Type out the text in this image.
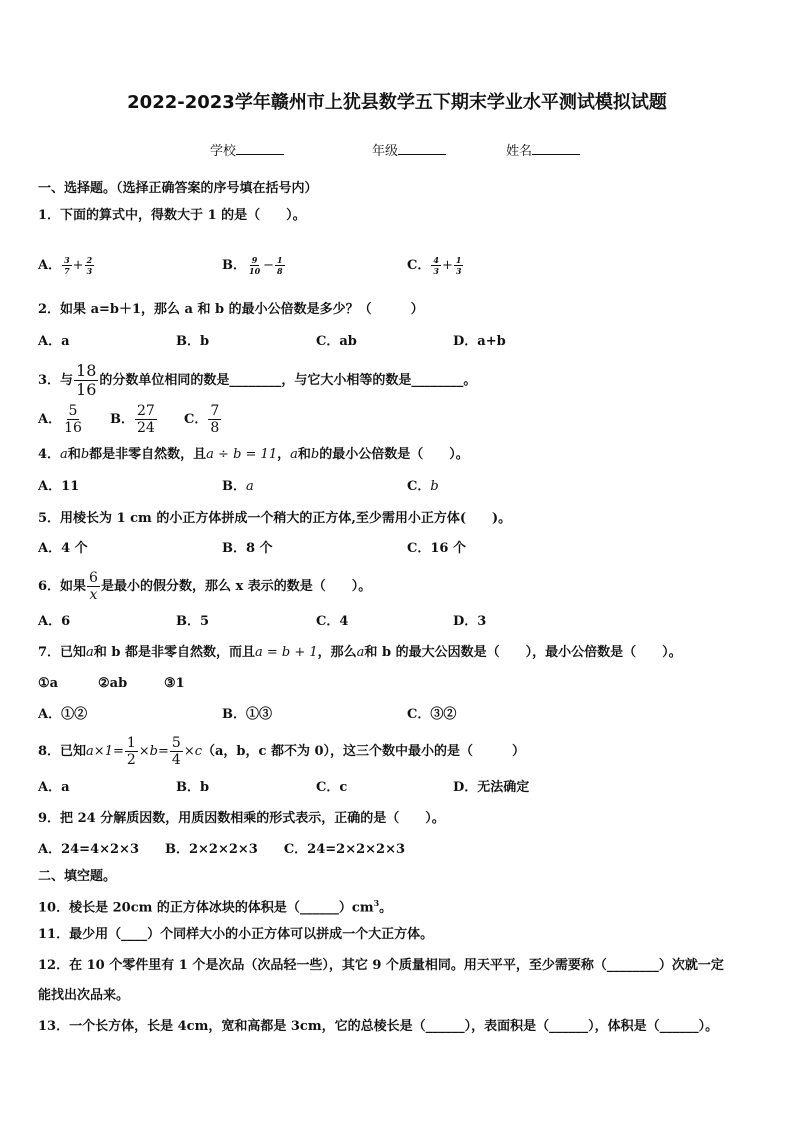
2022-2023学年赣州市上犹县数学五下期末学业水平测试模拟试题
学校	年级	姓名
一、选择题。（选择正确答案的序号填在括号内）
1．下面的算式中，得数大于 1 的是（　　）。
A． $\frac{3}{7} + \frac{2}{3}$	B． $\frac{9}{10} - \frac{1}{8}$	C． $\frac{4}{3} + \frac{1}{3}$
2．如果 a=b＋1，那么 a 和 b 的最小公倍数是多少？（　　　）
A．a	B．b	C．ab	D．a+b
3．与 $\frac{18}{16}$ 的分数单位相同的数是________，与它大小相等的数是________。
A． $\frac{5}{16}$ B． $\frac{27}{24}$ C． $\frac{7}{8}$
4．a和b都是非零自然数，且a ÷ b = 11，a和b的最小公倍数是（　　）。
A．11	B．a	C．b
5．用棱长为 1 cm 的小正方体拼成一个稍大的正方体,至少需用小正方体(　　)。
A．4 个	B．8 个	C．16 个
6．如果 $\frac{6}{x}$ 是最小的假分数，那么 x 表示的数是（　　）。
A．6	B．5	C．4	D．3
7．已知a和 b 都是非零自然数，而且a = b + 1，那么a和 b 的最大公因数是（　　），最小公倍数是（　　）。
①a	②ab	③1
A．①②	B．①③	C．③②
8．已知$a\times 1= \frac{1}{2} \times b= \frac{5}{4} \times c(a$，b，c 都不为 0），这三个数中最小的是（　　　）
A．a	B．b	C．c	D．无法确定
9．把 24 分解质因数，用质因数相乘的形式表示，正确的是（　　）。
A．24=4×2×3　　B．2×2×2×3　　C．24=2×2×2×3
二、填空题。
10．棱长是 20cm 的正方体冰块的体积是$(\_\_\_\_\_\_)cm^3$。
11．最少用（____）个同样大小的小正方体可以拼成一个大正方体。
12．在 10 个零件里有 1 个是次品（次品轻一些），其它 9 个质量相同。用天平平，至少需要称（________）次就一定
能找出次品来。
13．一个长方体，长是 4cm，宽和高都是 3cm，它的总棱长是（______），表面积是（______），体积是（______）。
